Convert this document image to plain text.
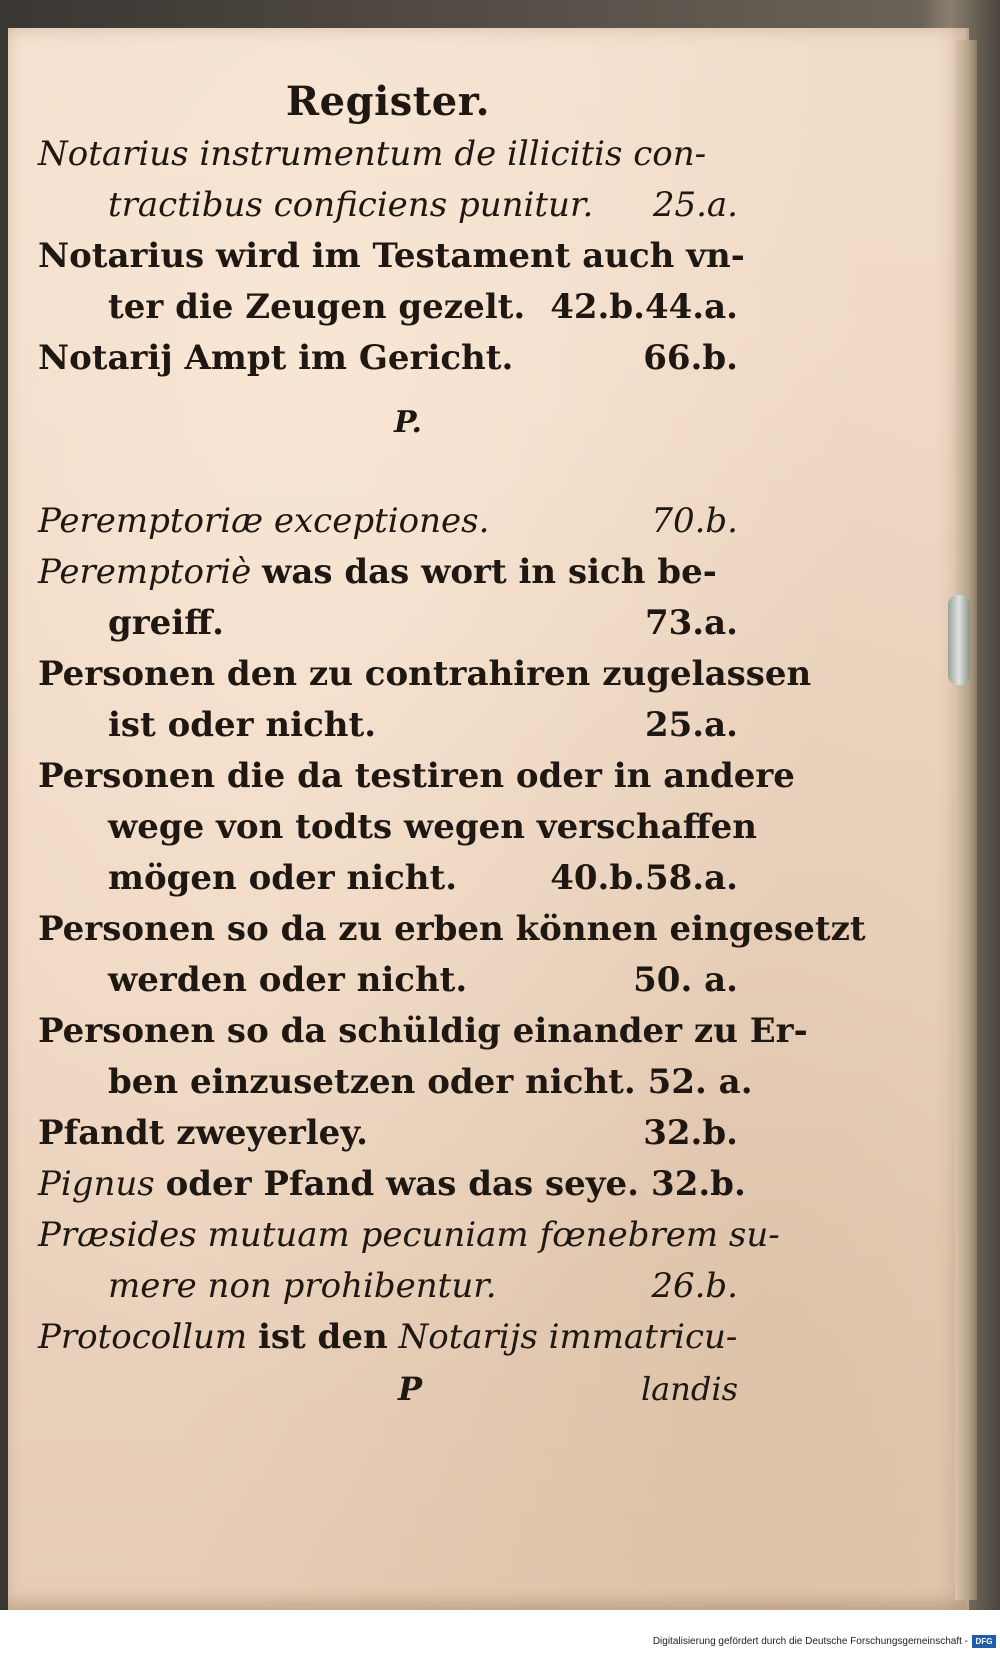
Register.
Notarius instrumentum de illicitis con-
tractibus conficiens punitur.	25.a.
Notarius wird im Testament auch vn-
ter die Zeugen gezelt. 42.b.44.a.
Notarij Ampt im Gericht.	66.b.
P.
Peremptoriæ exceptiones.	70.b.
Peremptoriè was das wort in sich be-
greiff.	73.a.
Personen den zu contrahiren zugelassen
ist oder nicht.	25.a.
Personen die da testiren oder in andere
wege von todts wegen verschaffen
mögen oder nicht.	40.b.58.a.
Personen so da zu erben können eingesetzt
werden oder nicht.	50. a.
Personen so da schüldig einander zu Er-
ben einzusetzen oder nicht. 52. a.
Pfandt zweyerley.	32.b.
Pignus oder Pfand was das seye. 32.b.
Præsides mutuam pecuniam fœnebrem su-
mere non prohibentur.	26.b.
Protocollum ist den Notarijs immatricu-
P	landis
Digitalisierung gefördert durch die Deutsche Forschungsgemeinschaft - DFG
